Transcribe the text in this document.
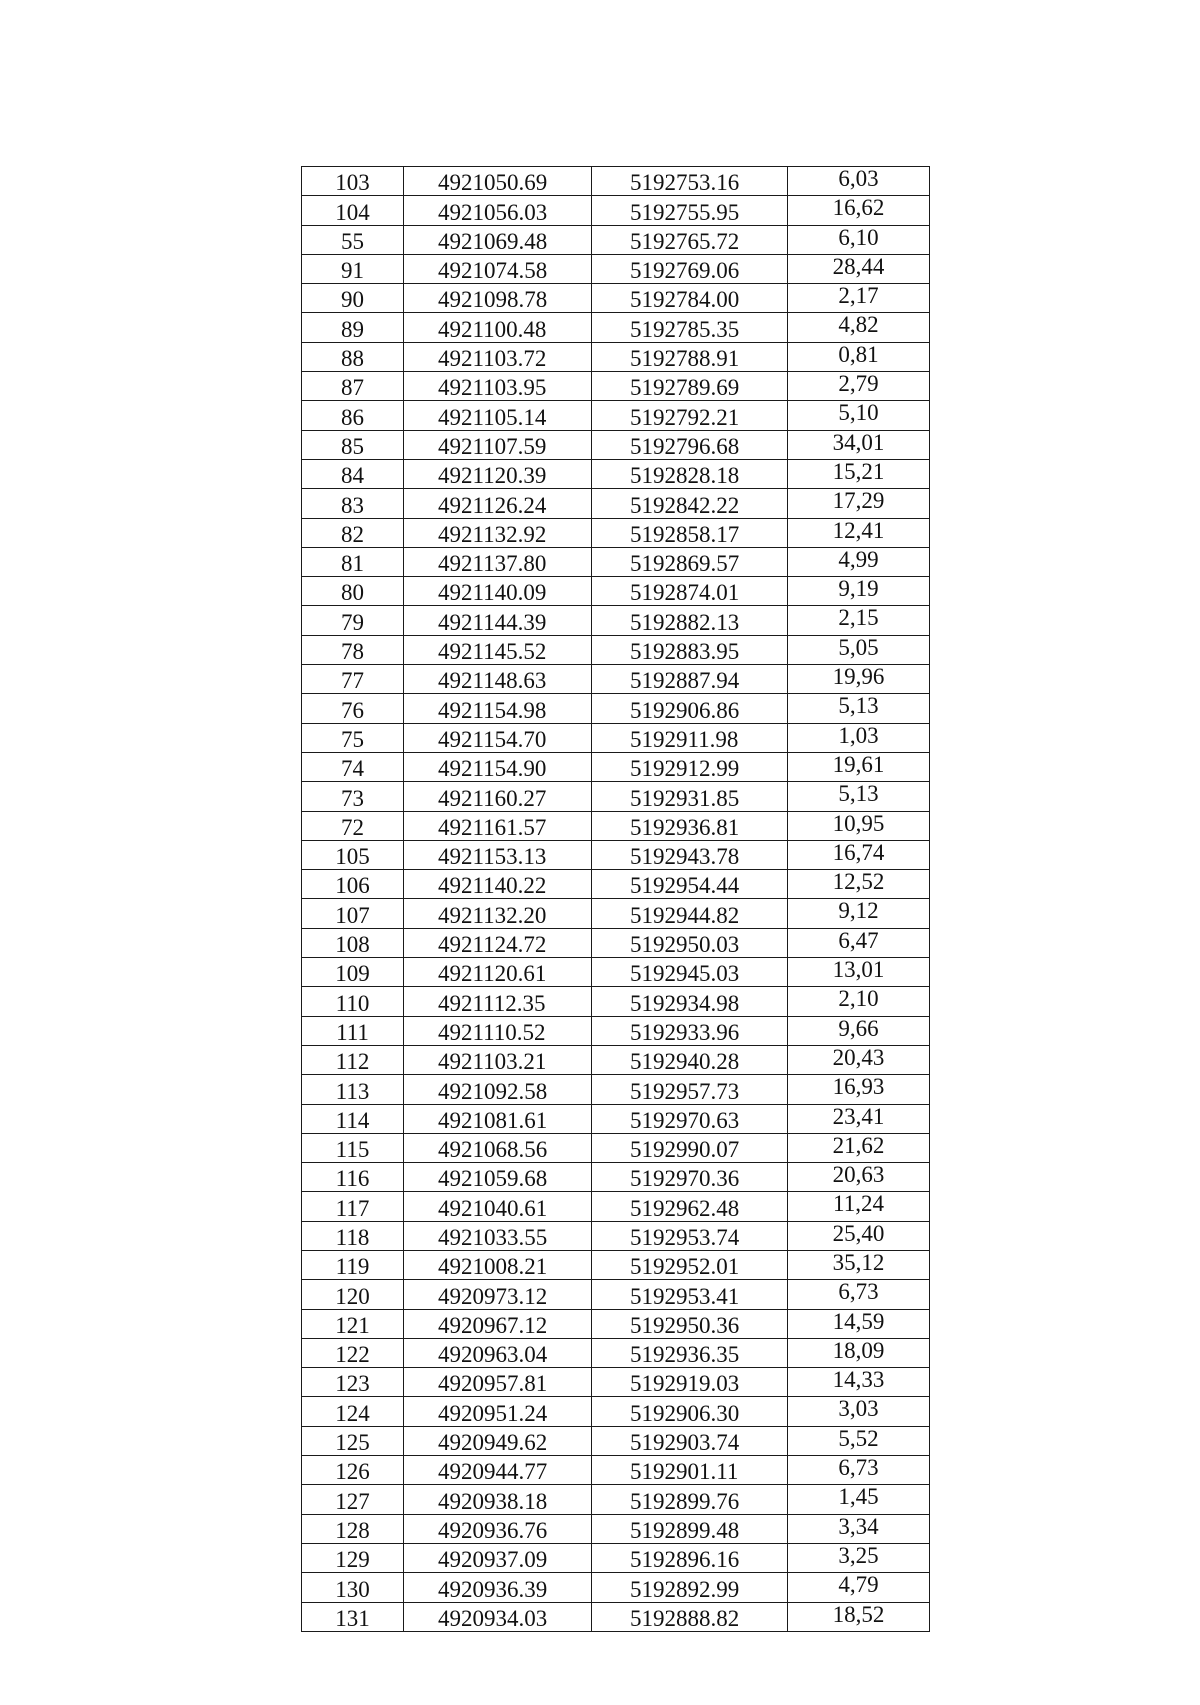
103	4921050.69	5192753.16	6,03
104	4921056.03	5192755.95	16,62
55	4921069.48	5192765.72	6,10
91	4921074.58	5192769.06	28,44
90	4921098.78	5192784.00	2,17
89	4921100.48	5192785.35	4,82
88	4921103.72	5192788.91	0,81
87	4921103.95	5192789.69	2,79
86	4921105.14	5192792.21	5,10
85	4921107.59	5192796.68	34,01
84	4921120.39	5192828.18	15,21
83	4921126.24	5192842.22	17,29
82	4921132.92	5192858.17	12,41
81	4921137.80	5192869.57	4,99
80	4921140.09	5192874.01	9,19
79	4921144.39	5192882.13	2,15
78	4921145.52	5192883.95	5,05
77	4921148.63	5192887.94	19,96
76	4921154.98	5192906.86	5,13
75	4921154.70	5192911.98	1,03
74	4921154.90	5192912.99	19,61
73	4921160.27	5192931.85	5,13
72	4921161.57	5192936.81	10,95
105	4921153.13	5192943.78	16,74
106	4921140.22	5192954.44	12,52
107	4921132.20	5192944.82	9,12
108	4921124.72	5192950.03	6,47
109	4921120.61	5192945.03	13,01
110	4921112.35	5192934.98	2,10
111	4921110.52	5192933.96	9,66
112	4921103.21	5192940.28	20,43
113	4921092.58	5192957.73	16,93
114	4921081.61	5192970.63	23,41
115	4921068.56	5192990.07	21,62
116	4921059.68	5192970.36	20,63
117	4921040.61	5192962.48	11,24
118	4921033.55	5192953.74	25,40
119	4921008.21	5192952.01	35,12
120	4920973.12	5192953.41	6,73
121	4920967.12	5192950.36	14,59
122	4920963.04	5192936.35	18,09
123	4920957.81	5192919.03	14,33
124	4920951.24	5192906.30	3,03
125	4920949.62	5192903.74	5,52
126	4920944.77	5192901.11	6,73
127	4920938.18	5192899.76	1,45
128	4920936.76	5192899.48	3,34
129	4920937.09	5192896.16	3,25
130	4920936.39	5192892.99	4,79
131	4920934.03	5192888.82	18,52
